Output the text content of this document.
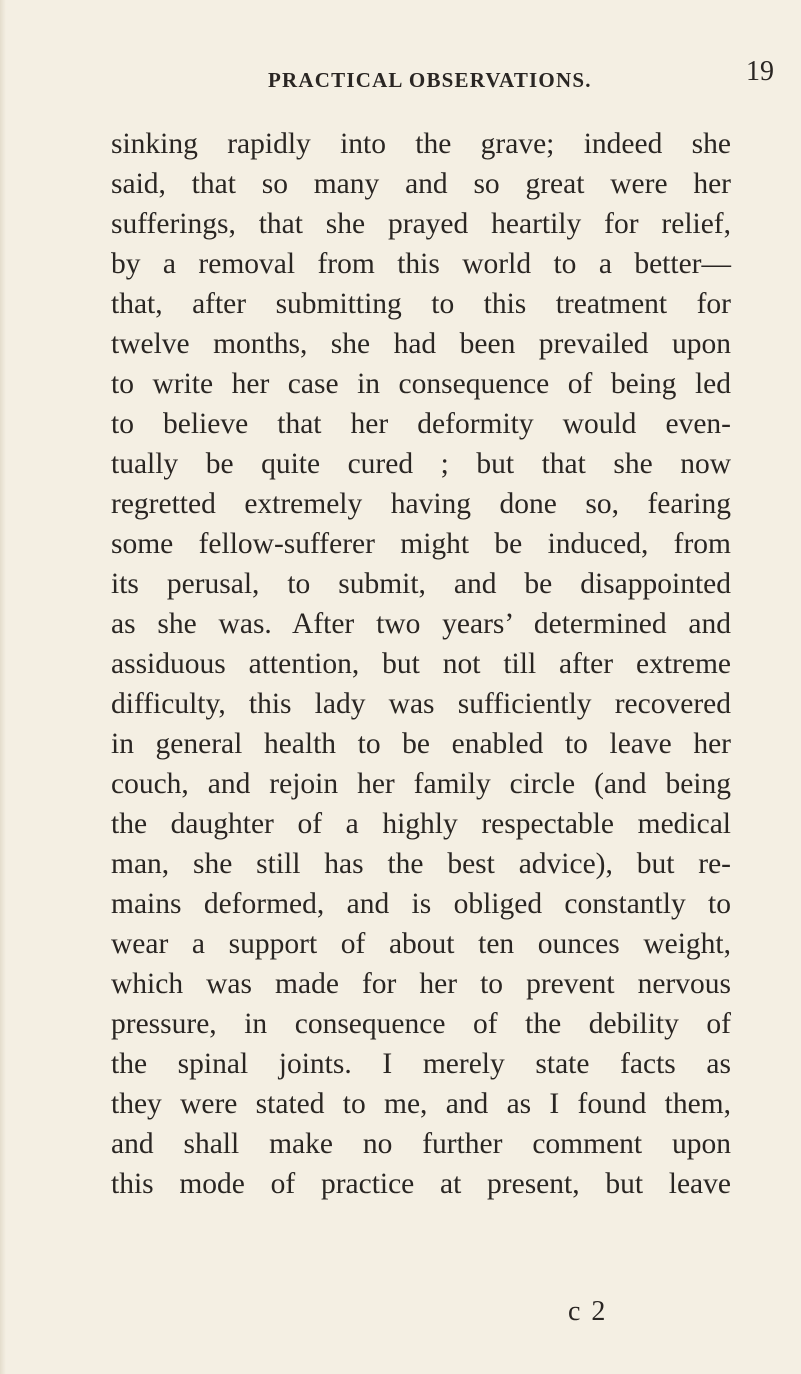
PRACTICAL OBSERVATIONS.	19
sinking rapidly into the grave; indeed she
said, that so many and so great were her
sufferings, that she prayed heartily for relief,
by a removal from this world to a better—
that, after submitting to this treatment for
twelve months, she had been prevailed upon
to write her case in consequence of being led
to believe that her deformity would even-
tually be quite cured ; but that she now
regretted extremely having done so, fearing
some fellow-sufferer might be induced, from
its perusal, to submit, and be disappointed
as she was. After two years’ determined and
assiduous attention, but not till after extreme
difficulty, this lady was sufficiently recovered
in general health to be enabled to leave her
couch, and rejoin her family circle (and being
the daughter of a highly respectable medical
man, she still has the best advice), but re-
mains deformed, and is obliged constantly to
wear a support of about ten ounces weight,
which was made for her to prevent nervous
pressure, in consequence of the debility of
the spinal joints. I merely state facts as
they were stated to me, and as I found them,
and shall make no further comment upon
this mode of practice at present, but leave
c 2
